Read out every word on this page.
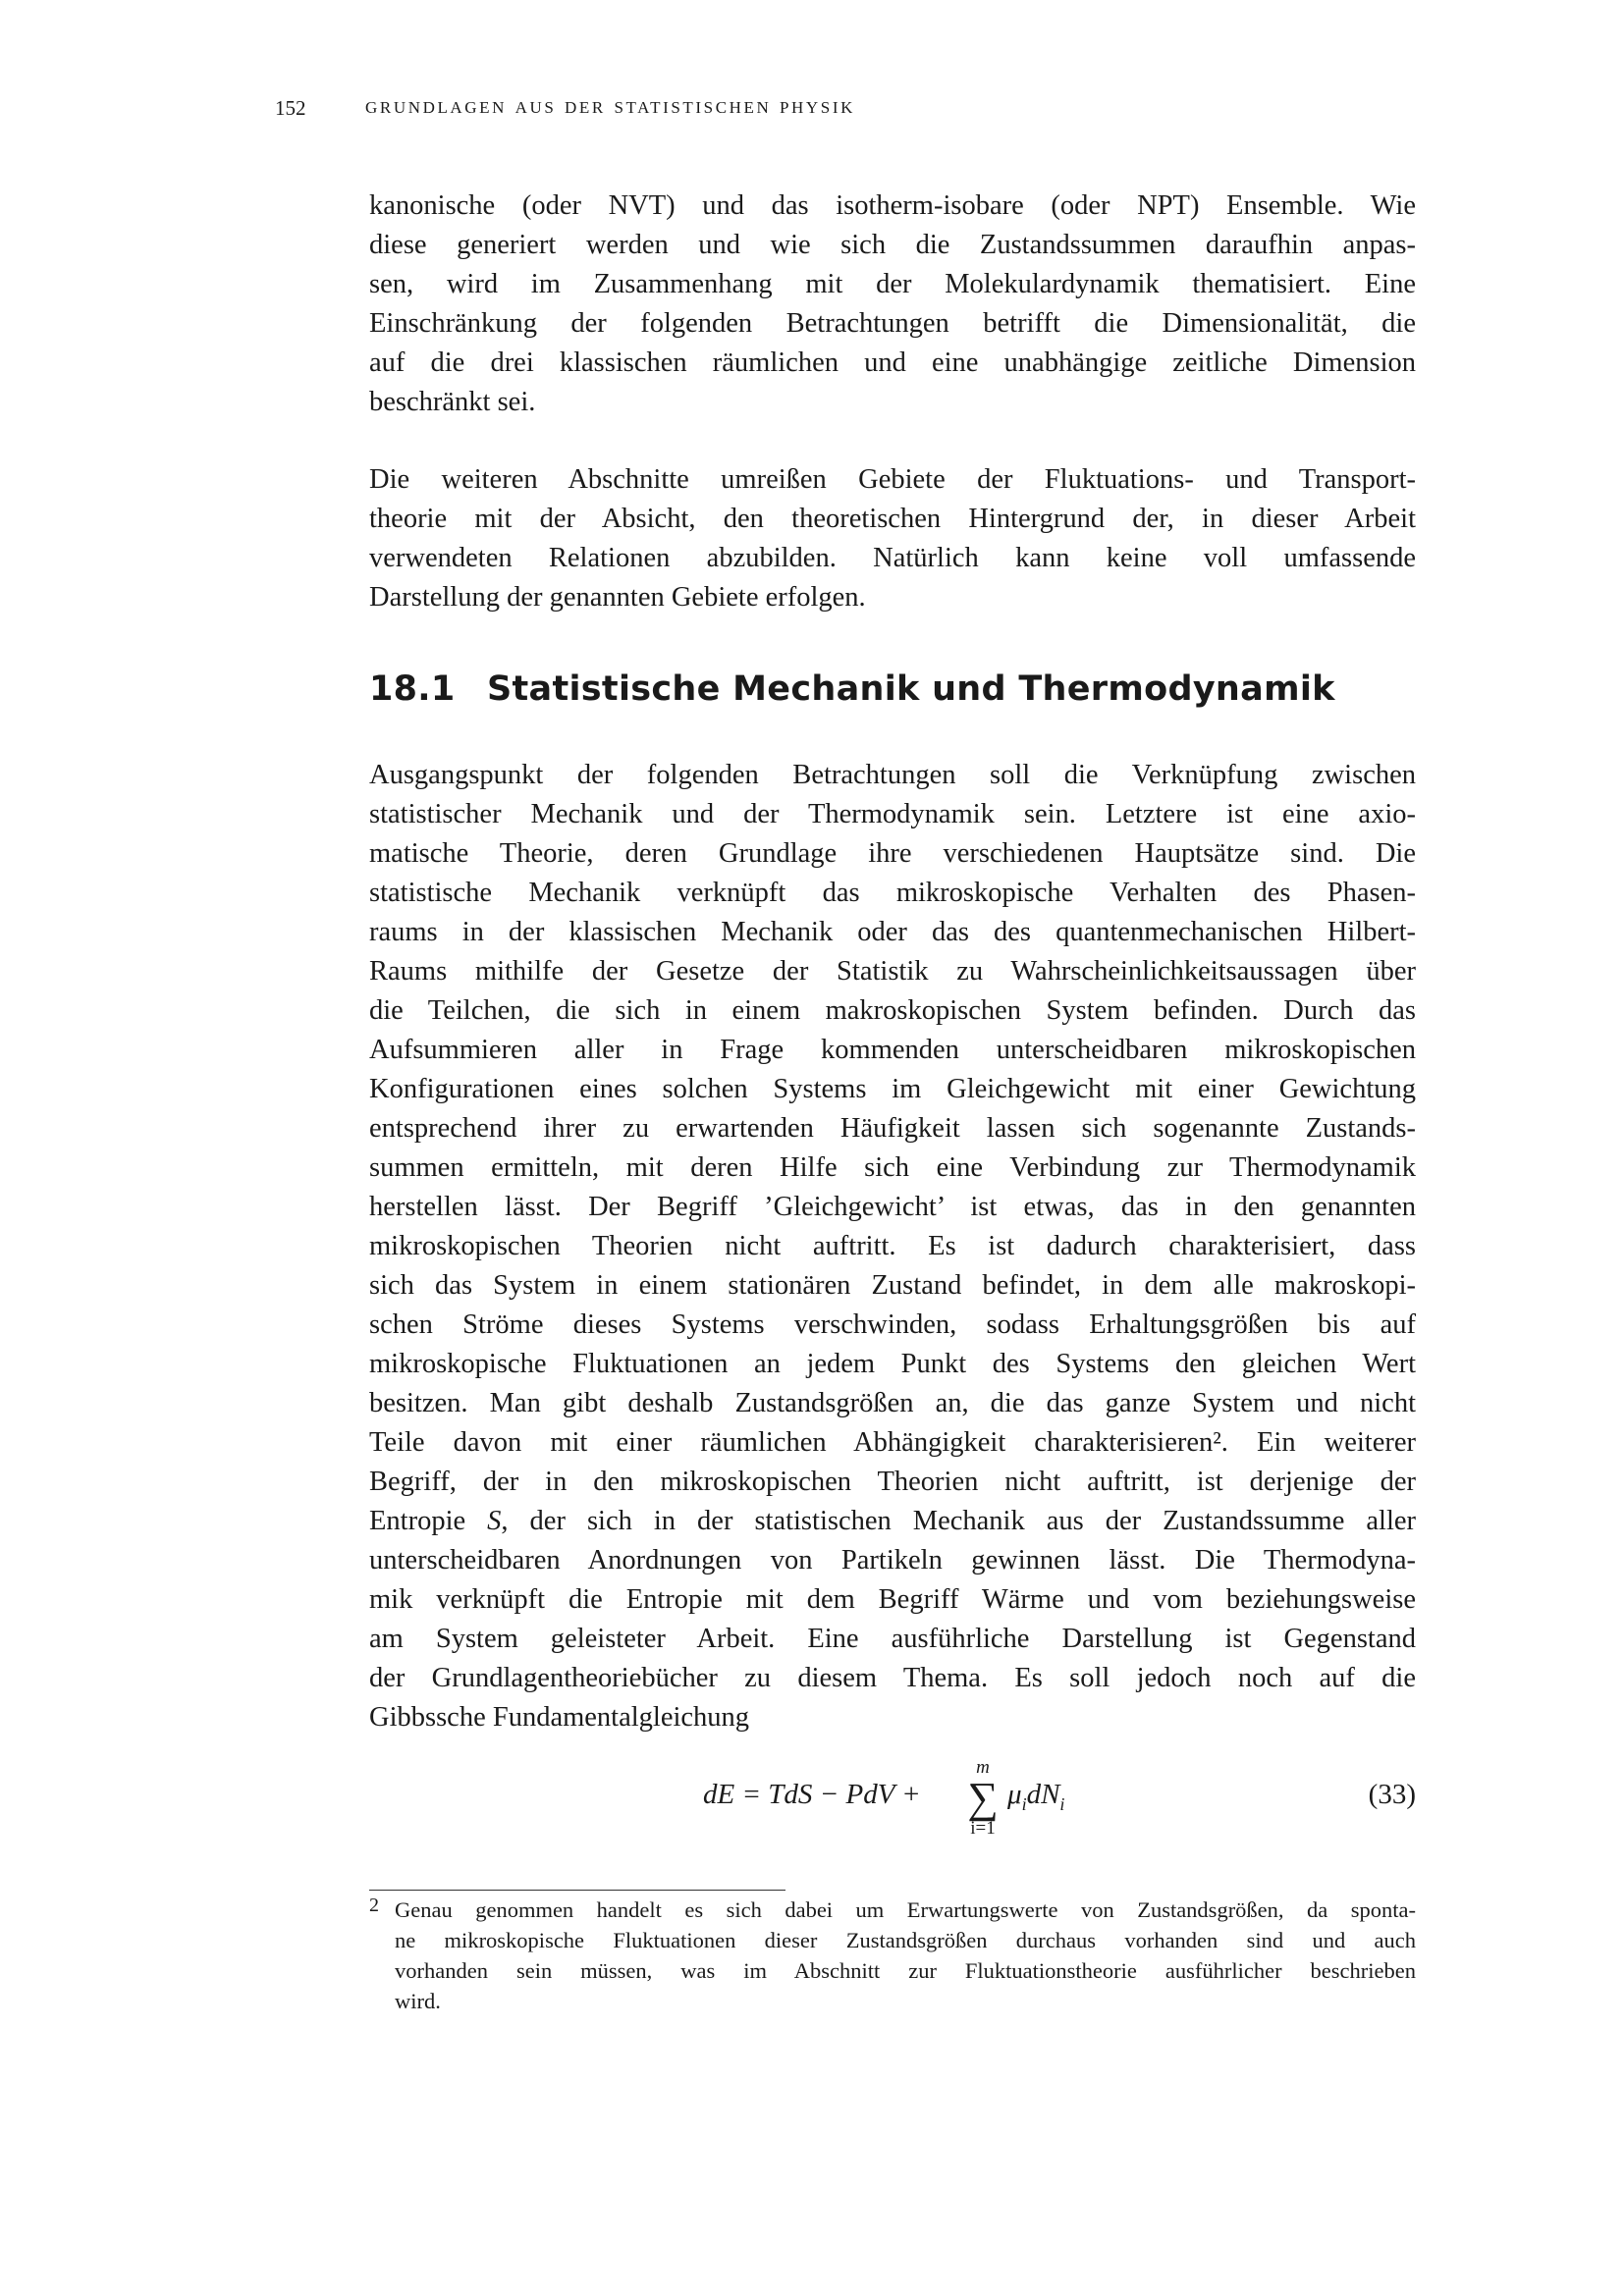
152	grundlagen aus der statistischen physik
kanonische (oder NVT) und das isotherm-isobare (oder NPT) Ensemble. Wie
diese generiert werden und wie sich die Zustandssummen daraufhin anpas-
sen, wird im Zusammenhang mit der Molekulardynamik thematisiert. Eine
Einschränkung der folgenden Betrachtungen betrifft die Dimensionalität, die
auf die drei klassischen räumlichen und eine unabhängige zeitliche Dimension
beschränkt sei.
Die weiteren Abschnitte umreißen Gebiete der Fluktuations- und Transport-
theorie mit der Absicht, den theoretischen Hintergrund der, in dieser Arbeit
verwendeten Relationen abzubilden. Natürlich kann keine voll umfassende
Darstellung der genannten Gebiete erfolgen.
18.1 Statistische Mechanik und Thermodynamik
Ausgangspunkt der folgenden Betrachtungen soll die Verknüpfung zwischen
statistischer Mechanik und der Thermodynamik sein. Letztere ist eine axio-
matische Theorie, deren Grundlage ihre verschiedenen Hauptsätze sind. Die
statistische Mechanik verknüpft das mikroskopische Verhalten des Phasen-
raums in der klassischen Mechanik oder das des quantenmechanischen Hilbert-
Raums mithilfe der Gesetze der Statistik zu Wahrscheinlichkeitsaussagen über
die Teilchen, die sich in einem makroskopischen System befinden. Durch das
Aufsummieren aller in Frage kommenden unterscheidbaren mikroskopischen
Konfigurationen eines solchen Systems im Gleichgewicht mit einer Gewichtung
entsprechend ihrer zu erwartenden Häufigkeit lassen sich sogenannte Zustands-
summen ermitteln, mit deren Hilfe sich eine Verbindung zur Thermodynamik
herstellen lässt. Der Begriff ’Gleichgewicht’ ist etwas, das in den genannten
mikroskopischen Theorien nicht auftritt. Es ist dadurch charakterisiert, dass
sich das System in einem stationären Zustand befindet, in dem alle makroskopi-
schen Ströme dieses Systems verschwinden, sodass Erhaltungsgrößen bis auf
mikroskopische Fluktuationen an jedem Punkt des Systems den gleichen Wert
besitzen. Man gibt deshalb Zustandsgrößen an, die das ganze System und nicht
Teile davon mit einer räumlichen Abhängigkeit charakterisieren². Ein weiterer
Begriff, der in den mikroskopischen Theorien nicht auftritt, ist derjenige der
Entropie S, der sich in der statistischen Mechanik aus der Zustandssumme aller
unterscheidbaren Anordnungen von Partikeln gewinnen lässt. Die Thermodyna-
mik verknüpft die Entropie mit dem Begriff Wärme und vom beziehungsweise
am System geleisteter Arbeit. Eine ausführliche Darstellung ist Gegenstand
der Grundlagentheoriebücher zu diesem Thema. Es soll jedoch noch auf die
Gibbssche Fundamentalgleichung
dE = TdS − PdV +
m
∑
i=1
$\mu_idN_i$	(33)
2 Genau genommen handelt es sich dabei um Erwartungswerte von Zustandsgrößen, da sponta-
ne mikroskopische Fluktuationen dieser Zustandsgrößen durchaus vorhanden sind und auch
vorhanden sein müssen, was im Abschnitt zur Fluktuationstheorie ausführlicher beschrieben
wird.
